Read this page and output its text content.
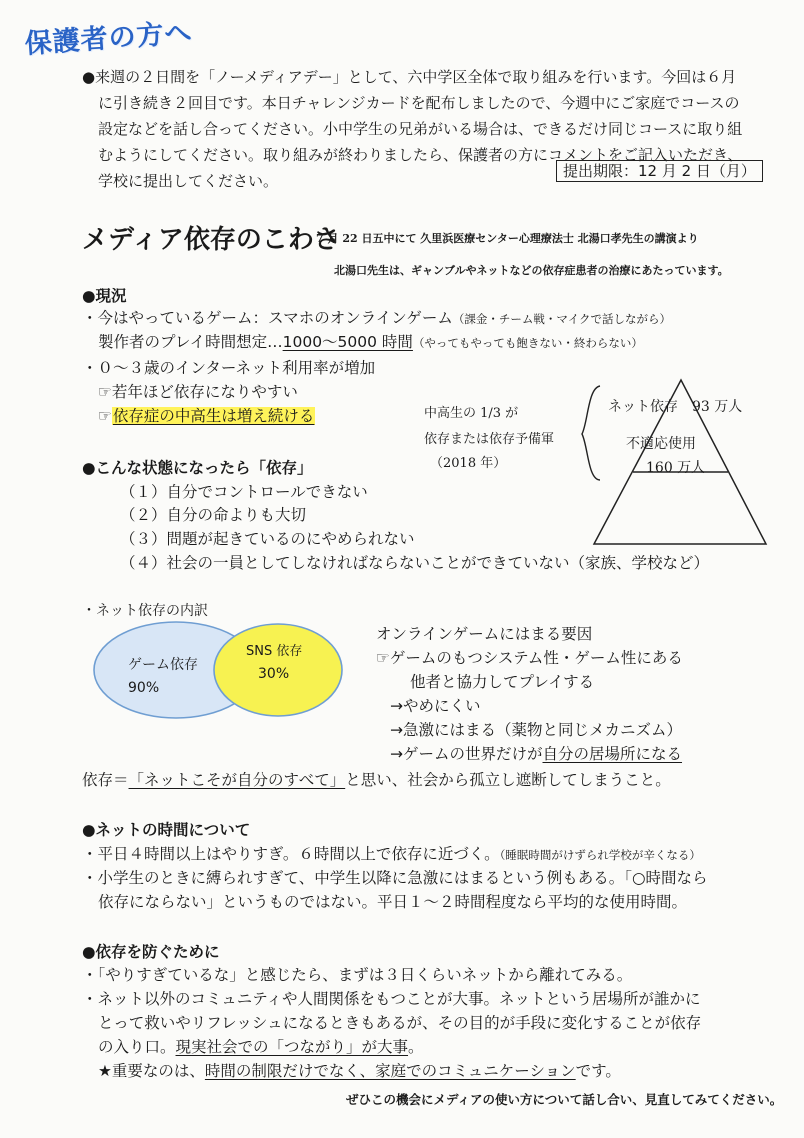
保護者の方へ
●来週の２日間を「ノーメディアデー」として、六中学区全体で取り組みを行います。今回は６月
に引き続き２回目です。本日チャレンジカードを配布しましたので、今週中にご家庭でコースの
設定などを話し合ってください。小中学生の兄弟がいる場合は、できるだけ同じコースに取り組
むようにしてください。取り組みが終わりましたら、保護者の方にコメントをご記入いただき、
学校に提出してください。
提出期限：12 月 2 日（月）
メディア依存のこわさ
7 月 22 日五中にて 久里浜医療センター心理療法士 北湯口孝先生の講演より
北湯口先生は、ギャンブルやネットなどの依存症患者の治療にあたっています。
●現況
・今はやっているゲーム：スマホのオンラインゲーム（課金・チーム戦・マイクで話しながら）
製作者のプレイ時間想定…1000〜5000 時間（やってもやっても飽きない・終わらない）
・０〜３歳のインターネット利用率が増加
☞若年ほど依存になりやすい
☞依存症の中高生は増え続ける	中高生の 1/3 が
依存または依存予備軍
（2018 年）
ネット依存　93 万人
不適応使用
160 万人
●こんな状態になったら「依存」
（１）自分でコントロールできない
（２）自分の命よりも大切
（３）問題が起きているのにやめられない
（４）社会の一員としてしなければならないことができていない（家族、学校など）
・ネット依存の内訳
ゲーム依存
90%
SNS 依存
30%
オンラインゲームにはまる要因
☞ゲームのもつシステム性・ゲーム性にある
他者と協力してプレイする
→やめにくい
→急激にはまる（薬物と同じメカニズム）
→ゲームの世界だけが自分の居場所になる
依存＝「ネットこそが自分のすべて」と思い、社会から孤立し遮断してしまうこと。
●ネットの時間について
・平日４時間以上はやりすぎ。６時間以上で依存に近づく。（睡眠時間がけずられ学校が辛くなる）
・小学生のときに縛られすぎて、中学生以降に急激にはまるという例もある。「○時間なら
依存にならない」というものではない。平日１〜２時間程度なら平均的な使用時間。
●依存を防ぐために
・「やりすぎているな」と感じたら、まずは３日くらいネットから離れてみる。
・ネット以外のコミュニティや人間関係をもつことが大事。ネットという居場所が誰かに
とって救いやリフレッシュになるときもあるが、その目的が手段に変化することが依存
の入り口。現実社会での「つながり」が大事。
★重要なのは、時間の制限だけでなく、家庭でのコミュニケーションです。
ぜひこの機会にメディアの使い方について話し合い、見直してみてください。
